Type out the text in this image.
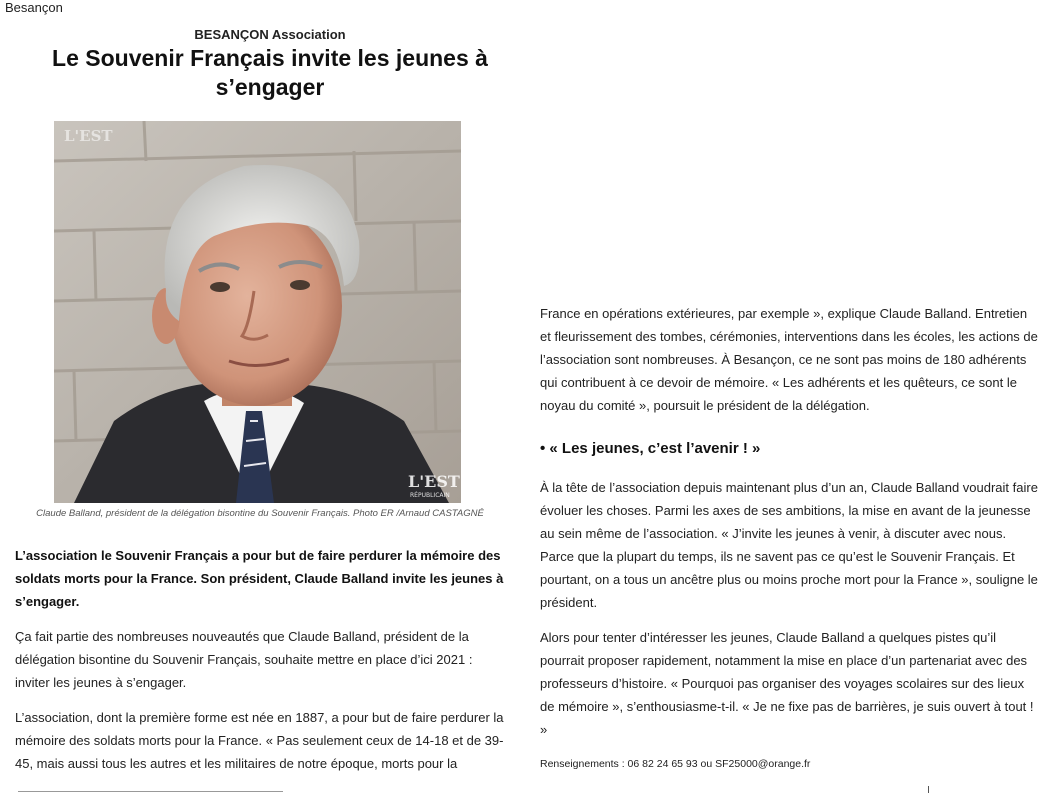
Besançon
BESANÇON Association
Le Souvenir Français invite les jeunes à s’engager
L'EST
L'EST
RÉPUBLICAIN
Claude Balland, président de la délégation bisontine du Souvenir Français. Photo ER /Arnaud CASTAGNÉ

L’association le Souvenir Français a pour but de faire perdurer la mémoire des soldats morts pour la France. Son président, Claude Balland invite les jeunes à s’engager.

Ça fait partie des nombreuses nouveautés que Claude Balland, président de la délégation bisontine du Souvenir Français, souhaite mettre en place d’ici 2021 : inviter les jeunes à s’engager.

L’association, dont la première forme est née en 1887, a pour but de faire perdurer la mémoire des soldats morts pour la France. « Pas seulement ceux de 14-18 et de 39-45, mais aussi tous les autres et les militaires de notre époque, morts pour la

France en opérations extérieures, par exemple », explique Claude Balland. Entretien et fleurissement des tombes, cérémonies, interventions dans les écoles, les actions de l’association sont nombreuses. À Besançon, ce ne sont pas moins de 180 adhérents qui contribuent à ce devoir de mémoire. « Les adhérents et les quêteurs, ce sont le noyau du comité », poursuit le président de la délégation.

• « Les jeunes, c’est l’avenir ! »

À la tête de l’association depuis maintenant plus d’un an, Claude Balland voudrait faire évoluer les choses. Parmi les axes de ses ambitions, la mise en avant de la jeunesse au sein même de l’association. « J’invite les jeunes à venir, à discuter avec nous. Parce que la plupart du temps, ils ne savent pas ce qu’est le Souvenir Français. Et pourtant, on a tous un ancêtre plus ou moins proche mort pour la France », souligne le président.

Alors pour tenter d’intéresser les jeunes, Claude Balland a quelques pistes qu’il pourrait proposer rapidement, notamment la mise en place d’un partenariat avec des professeurs d’histoire. « Pourquoi pas organiser des voyages scolaires sur des lieux de mémoire », s’enthousiasme-t-il. « Je ne fixe pas de barrières, je suis ouvert à tout ! »

Renseignements : 06 82 24 65 93 ou SF25000@orange.fr
